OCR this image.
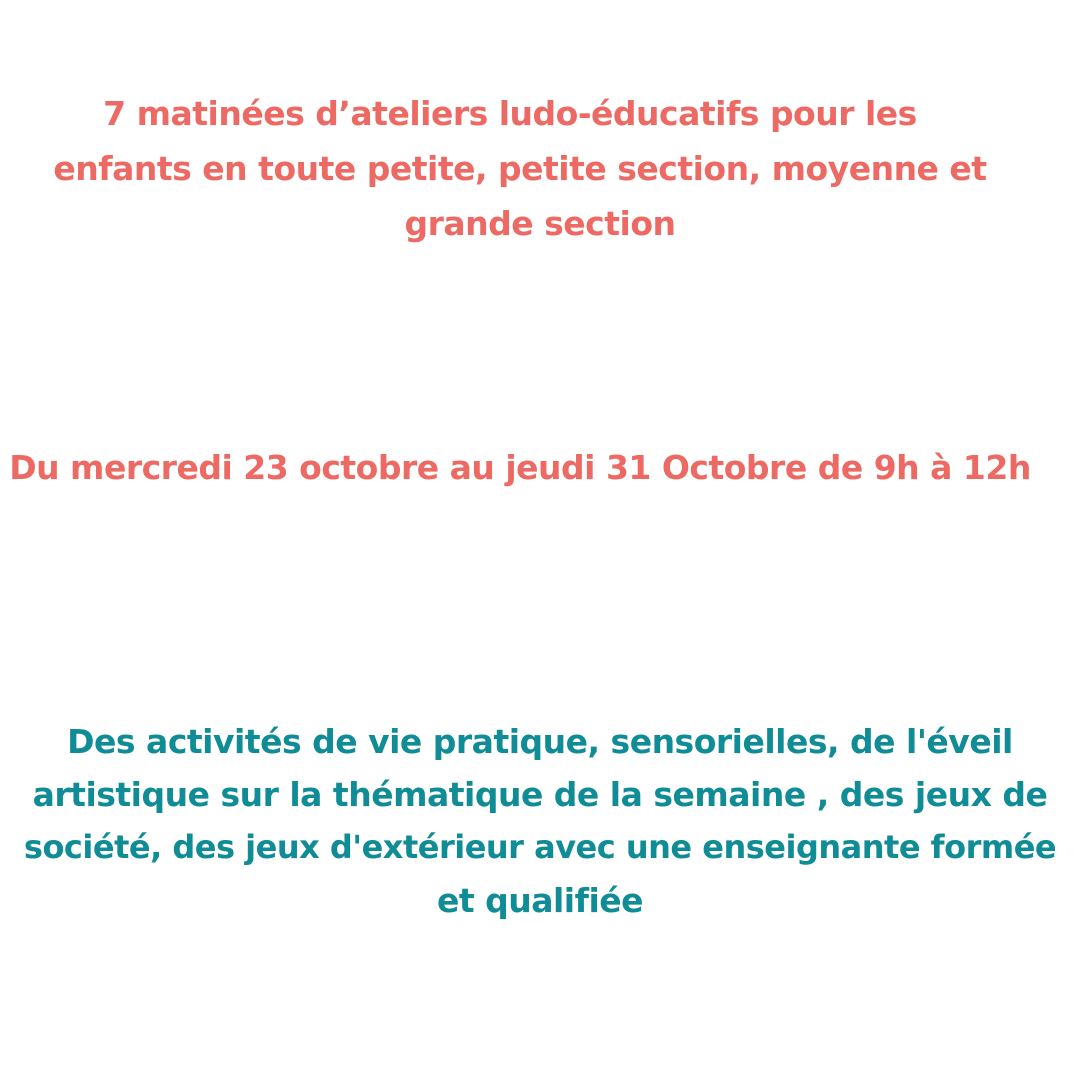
7 matinées d’ateliers ludo-éducatifs pour les
enfants en toute petite, petite section, moyenne et
grande section
Du mercredi 23 octobre au jeudi 31 Octobre de 9h à 12h
Des activités de vie pratique, sensorielles, de l'éveil
artistique sur la thématique de la semaine , des jeux de
société, des jeux d'extérieur avec une enseignante formée
et qualifiée
